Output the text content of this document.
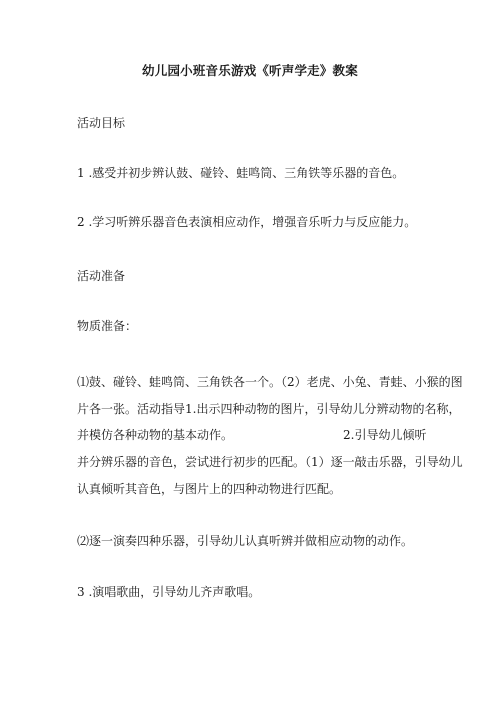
幼儿园小班音乐游戏《听声学走》教案
活动目标
1 .感受并初步辨认鼓、碰铃、蛙鸣筒、三角铁等乐器的音色。
2 .学习听辨乐器音色表演相应动作，增强音乐听力与反应能力。
活动准备
物质准备：
⑴鼓、碰铃、蛙鸣筒、三角铁各一个。（2）老虎、小兔、青蛙、小猴的图
片各一张。活动指导1.出示四种动物的图片，引导幼儿分辨动物的名称，
并模仿各种动物的基本动作。	2.引导幼儿倾听
并分辨乐器的音色，尝试进行初步的匹配。（1）逐一敲击乐器，引导幼儿
认真倾听其音色，与图片上的四种动物进行匹配。
⑵逐一演奏四种乐器，引导幼儿认真听辨并做相应动物的动作。
3 .演唱歌曲，引导幼儿齐声歌唱。
